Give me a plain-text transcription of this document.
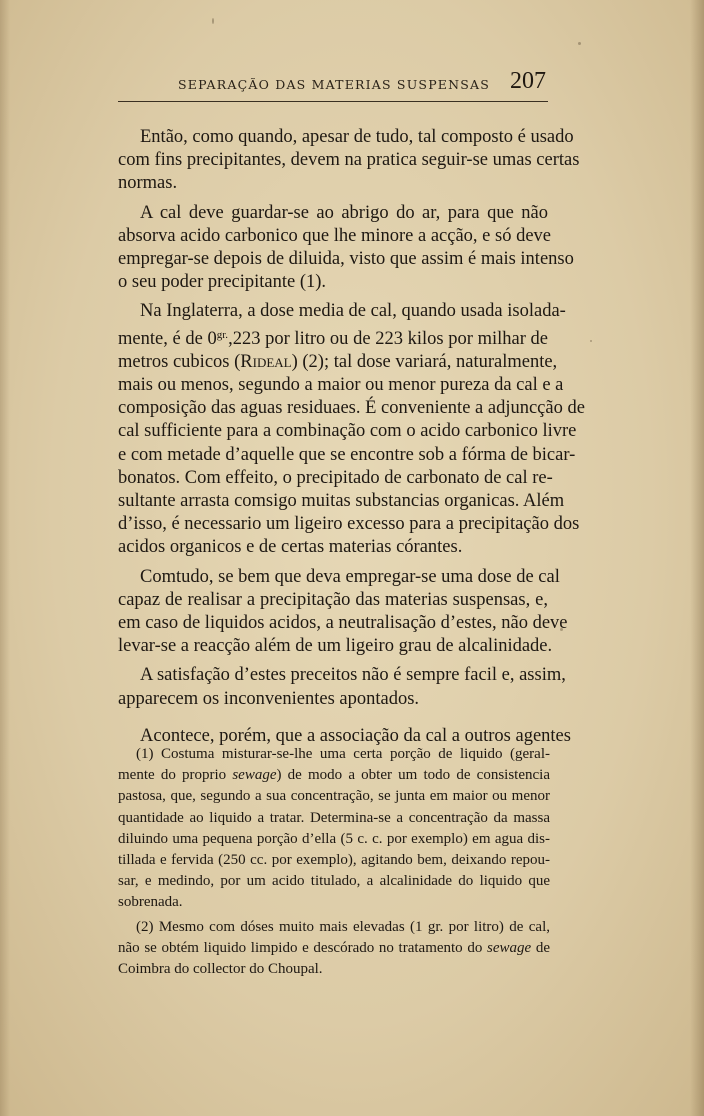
SEPARAÇÃO DAS MATERIAS SUSPENSAS 207

Então, como quando, apesar de tudo, tal composto é usado
com fins precipitantes, devem na pratica seguir-se umas certas
normas.

A cal deve guardar-se ao abrigo do ar, para que não
absorva acido carbonico que lhe minore a acção, e só deve
empregar-se depois de diluida, visto que assim é mais intenso
o seu poder precipitante (1).

Na Inglaterra, a dose media de cal, quando usada isolada-
mente, é de $0^{gr.},223$ por litro ou de 223 kilos por milhar de
metros cubicos (Rideal) (2); tal dose variará, naturalmente,
mais ou menos, segundo a maior ou menor pureza da cal e a
composição das aguas residuaes. É conveniente a adjuncção de
cal sufficiente para a combinação com o acido carbonico livre
e com metade d’aquelle que se encontre sob a fórma de bicar-
bonatos. Com effeito, o precipitado de carbonato de cal re-
sultante arrasta comsigo muitas substancias organicas. Além
d’isso, é necessario um ligeiro excesso para a precipitação dos
acidos organicos e de certas materias córantes.

Comtudo, se bem que deva empregar-se uma dose de cal
capaz de realisar a precipitação das materias suspensas, e,
em caso de liquidos acidos, a neutralisação d’estes, não deve
levar-se a reacção além de um ligeiro grau de alcalinidade.

A satisfação d’estes preceitos não é sempre facil e, assim,
apparecem os inconvenientes apontados.

Acontece, porém, que a associação da cal a outros agentes

(1) Costuma misturar-se-lhe uma certa porção de liquido (geral-
mente do proprio sewage) de modo a obter um todo de consistencia
pastosa, que, segundo a sua concentração, se junta em maior ou menor
quantidade ao liquido a tratar. Determina-se a concentração da massa
diluindo uma pequena porção d’ella (5 c. c. por exemplo) em agua dis-
tillada e fervida (250 cc. por exemplo), agitando bem, deixando repou-
sar, e medindo, por um acido titulado, a alcalinidade do liquido que
sobrenada.
(2) Mesmo com dóses muito mais elevadas (1 gr. por litro) de cal,
não se obtém liquido limpido e descórado no tratamento do sewage de
Coimbra do collector do Choupal.
